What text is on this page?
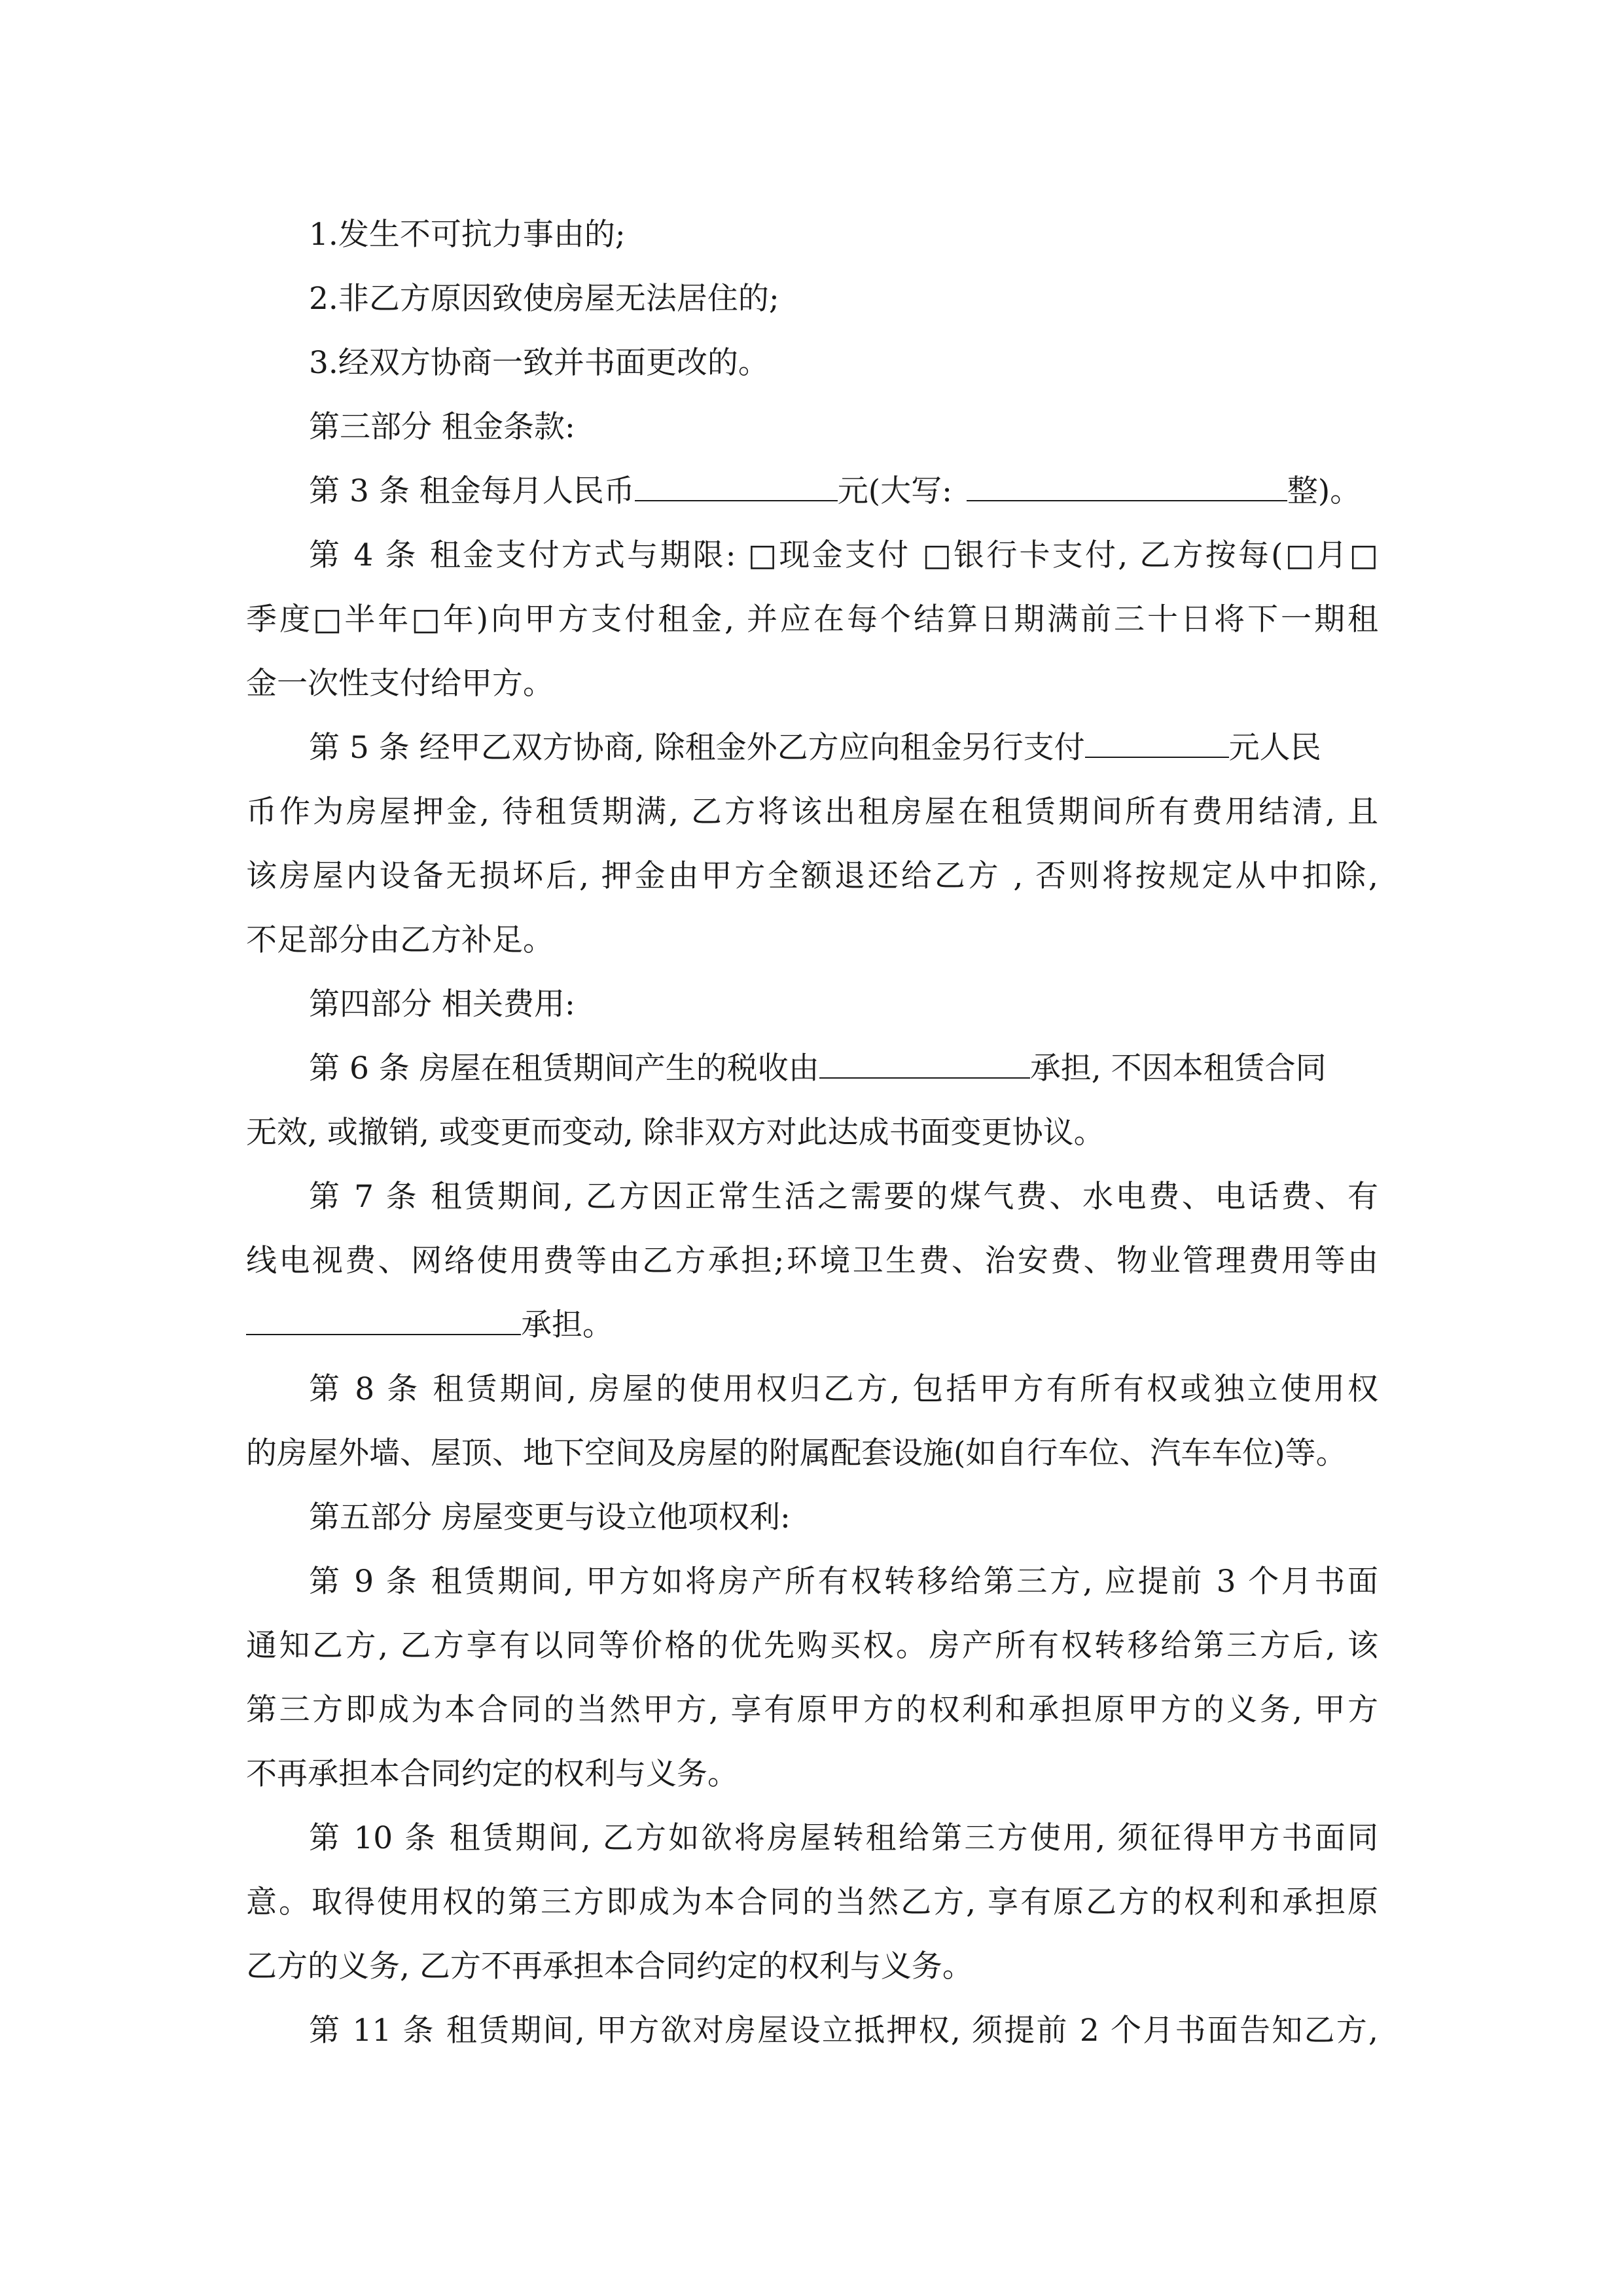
1.发生不可抗力事由的;
2.非乙方原因致使房屋无法居住的;
3.经双方协商一致并书面更改的。
第三部分 租金条款:
第 3 条 租金每月人民币	元(大写:	整)。
第 4 条 租金支付方式与期限: □现金支付 □银行卡支付, 乙方按每(□月□
季度□半年□年)向甲方支付租金, 并应在每个结算日期满前三十日将下一期租
金一次性支付给甲方。
第 5 条 经甲乙双方协商, 除租金外乙方应向租金另行支付	元人民
币作为房屋押金, 待租赁期满, 乙方将该出租房屋在租赁期间所有费用结清, 且
该房屋内设备无损坏后, 押金由甲方全额退还给乙方 , 否则将按规定从中扣除,
不足部分由乙方补足。
第四部分 相关费用:
第 6 条 房屋在租赁期间产生的税收由	承担, 不因本租赁合同
无效, 或撤销, 或变更而变动, 除非双方对此达成书面变更协议。
第 7 条 租赁期间, 乙方因正常生活之需要的煤气费、水电费、电话费、有
线电视费、网络使用费等由乙方承担;环境卫生费、治安费、物业管理费用等由
承担。
第 8 条 租赁期间, 房屋的使用权归乙方, 包括甲方有所有权或独立使用权
的房屋外墙、屋顶、地下空间及房屋的附属配套设施(如自行车位、汽车车位)等。
第五部分 房屋变更与设立他项权利:
第 9 条 租赁期间, 甲方如将房产所有权转移给第三方, 应提前 3 个月书面
通知乙方, 乙方享有以同等价格的优先购买权。房产所有权转移给第三方后, 该
第三方即成为本合同的当然甲方, 享有原甲方的权利和承担原甲方的义务, 甲方
不再承担本合同约定的权利与义务。
第 10 条 租赁期间, 乙方如欲将房屋转租给第三方使用, 须征得甲方书面同
意。取得使用权的第三方即成为本合同的当然乙方, 享有原乙方的权利和承担原
乙方的义务, 乙方不再承担本合同约定的权利与义务。
第 11 条 租赁期间, 甲方欲对房屋设立抵押权, 须提前 2 个月书面告知乙方,
